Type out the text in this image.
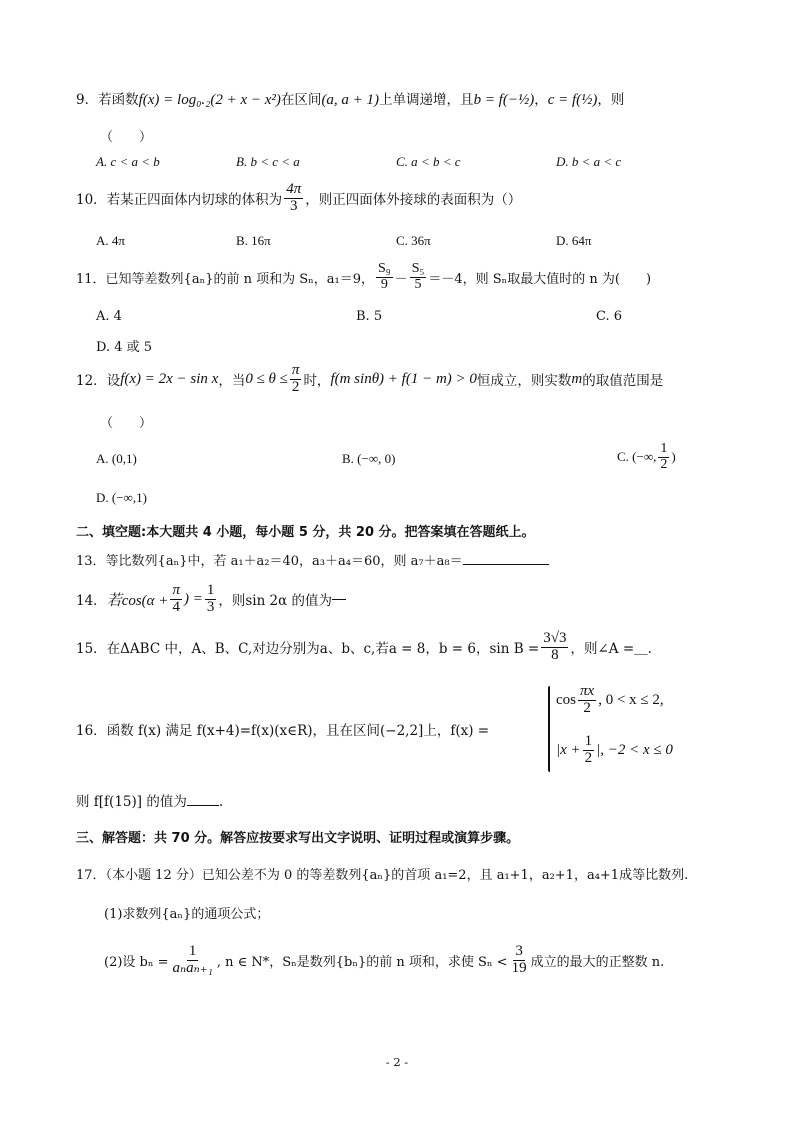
9．若函数f(x) = log₀.₂(2 + x − x²)在区间(a, a + 1)上单调递增，且b = f(−½)，c = f(½)，则
（　　）
A. c < a < b	B. b < c < a	C. a < b < c	D. b < a < c
10． 若某正四面体内切球的体积为 $\frac{4\pi}{3}$ ，则正四面体外接球的表面积为（）
A. 4π	B. 16π	C. 36π	D. 64π
11． 已知等差数列{aₙ}的前 n 项和为 Sₙ，a₁＝9， $\frac{\text{S₉}}{9} - \frac{\text{S₅}}{5} =-4$，则 Sₙ取最大值时的 n 为(　　)
A. 4	B. 5	C. 6
D. 4 或 5
12． 设 f(x) = 2x − sin x ，当 $0 \le \theta \le \frac{\pi}{2}$ 时， f(m sinθ) + f(1 − m) > 0 恒成立，则实数 m 的取值范围是
（　　）
A. (0,1)	B. (−∞, 0)	C. (−∞, $\frac{1}{2}$ )
D. (−∞,1)
二、填空题:本大题共 4 小题，每小题 5 分，共 20 分。把答案填在答题纸上。
13．等比数列{aₙ}中，若 a₁＋a₂＝40，a₃＋a₄＝60，则 a₇＋a₈＝
14． 若$\cos(\alpha + \frac{\pi}{4}$ ) = $\frac{1}{3}$ ，则sin 2α 的值为
15． 在ΔABC 中，A、B、C,对边分别为a、b、c,若a = 8，b = 6，$\sin B = \frac{3√3}{8}$ ，则∠A =＿.
16．函数 f(x) 满足 f(x+4)=f(x)(x∈R)，且在区间(−2,2]上，f(x) =
$\cos \frac{\pi x}{2}$ , 0 < x ≤ 2,
$|x + \frac{1}{2}$ |, −2 < x ≤ 0
则 f[f(15)] 的值为 .
三、解答题：共 70 分。解答应按要求写出文字说明、证明过程或演算步骤。
17．（本小题 12 分）已知公差不为 0 的等差数列{aₙ}的首项 a₁=2，且 a₁+1，a₂+1，a₄+1成等比数列.
(1)求数列{aₙ}的通项公式；
(2)设 $b_n = \frac{1}{\text{aₙaₙ₊₁}}$ , n ∈ N*，Sₙ是数列{bₙ}的前 n 项和，求使 $S_n < \frac{3}{19}$ 成立的最大的正整数 n.
- 2 -
